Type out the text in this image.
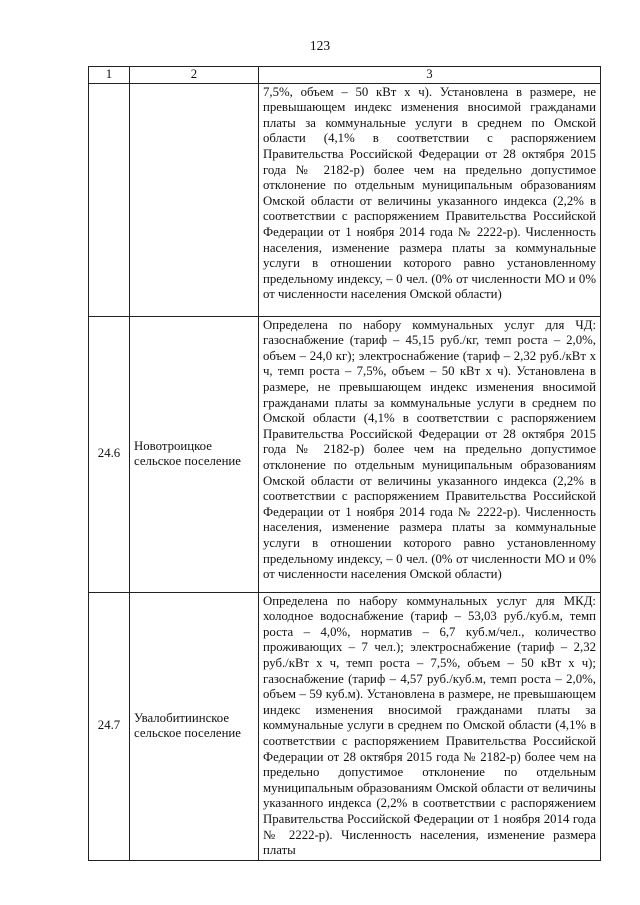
123
1	2	3
		7,5%, объем – 50 кВт х ч). Установлена в размере, не превышающем индекс изменения вносимой гражданами платы за коммунальные услуги в среднем по Омской области (4,1% в соответствии с распоряжением Правительства Российской Федерации от 28 октября 2015 года № 2182-р) более чем на предельно допустимое отклонение по отдельным муниципальным образованиям Омской области от величины указанного индекса (2,2% в соответствии с распоряжением Правительства Российской Федерации от 1 ноября 2014 года № 2222-р). Численность населения, изменение размера платы за коммунальные услуги в отношении которого равно установленному предельному индексу, – 0 чел. (0% от численности МО и 0% от численности населения Омской области)
24.6	Новотроицкое сельское поселение	Определена по набору коммунальных услуг для ЧД: газоснабжение (тариф – 45,15 руб./кг, темп роста – 2,0%, объем – 24,0 кг); электроснабжение (тариф – 2,32 руб./кВт х ч, темп роста – 7,5%, объем – 50 кВт х ч). Установлена в размере, не превышающем индекс изменения вносимой гражданами платы за коммунальные услуги в среднем по Омской области (4,1% в соответствии с распоряжением Правительства Российской Федерации от 28 октября 2015 года № 2182-р) более чем на предельно допустимое отклонение по отдельным муниципальным образованиям Омской области от величины указанного индекса (2,2% в соответствии с распоряжением Правительства Российской Федерации от 1 ноября 2014 года № 2222-р). Численность населения, изменение размера платы за коммунальные услуги в отношении которого равно установленному предельному индексу, – 0 чел. (0% от численности МО и 0% от численности населения Омской области)
24.7	Увалобитиинское сельское поселение	Определена по набору коммунальных услуг для МКД: холодное водоснабжение (тариф – 53,03 руб./куб.м, темп роста – 4,0%, норматив – 6,7 куб.м/чел., количество проживающих – 7 чел.); электроснабжение (тариф – 2,32 руб./кВт х ч, темп роста – 7,5%, объем – 50 кВт х ч); газоснабжение (тариф – 4,57 руб./куб.м, темп роста – 2,0%, объем – 59 куб.м). Установлена в размере, не превышающем индекс изменения вносимой гражданами платы за коммунальные услуги в среднем по Омской области (4,1% в соответствии с распоряжением Правительства Российской Федерации от 28 октября 2015 года № 2182-р) более чем на предельно допустимое отклонение по отдельным муниципальным образованиям Омской области от величины указанного индекса (2,2% в соответствии с распоряжением Правительства Российской Федерации от 1 ноября 2014 года № 2222-р). Численность населения, изменение размера платы
